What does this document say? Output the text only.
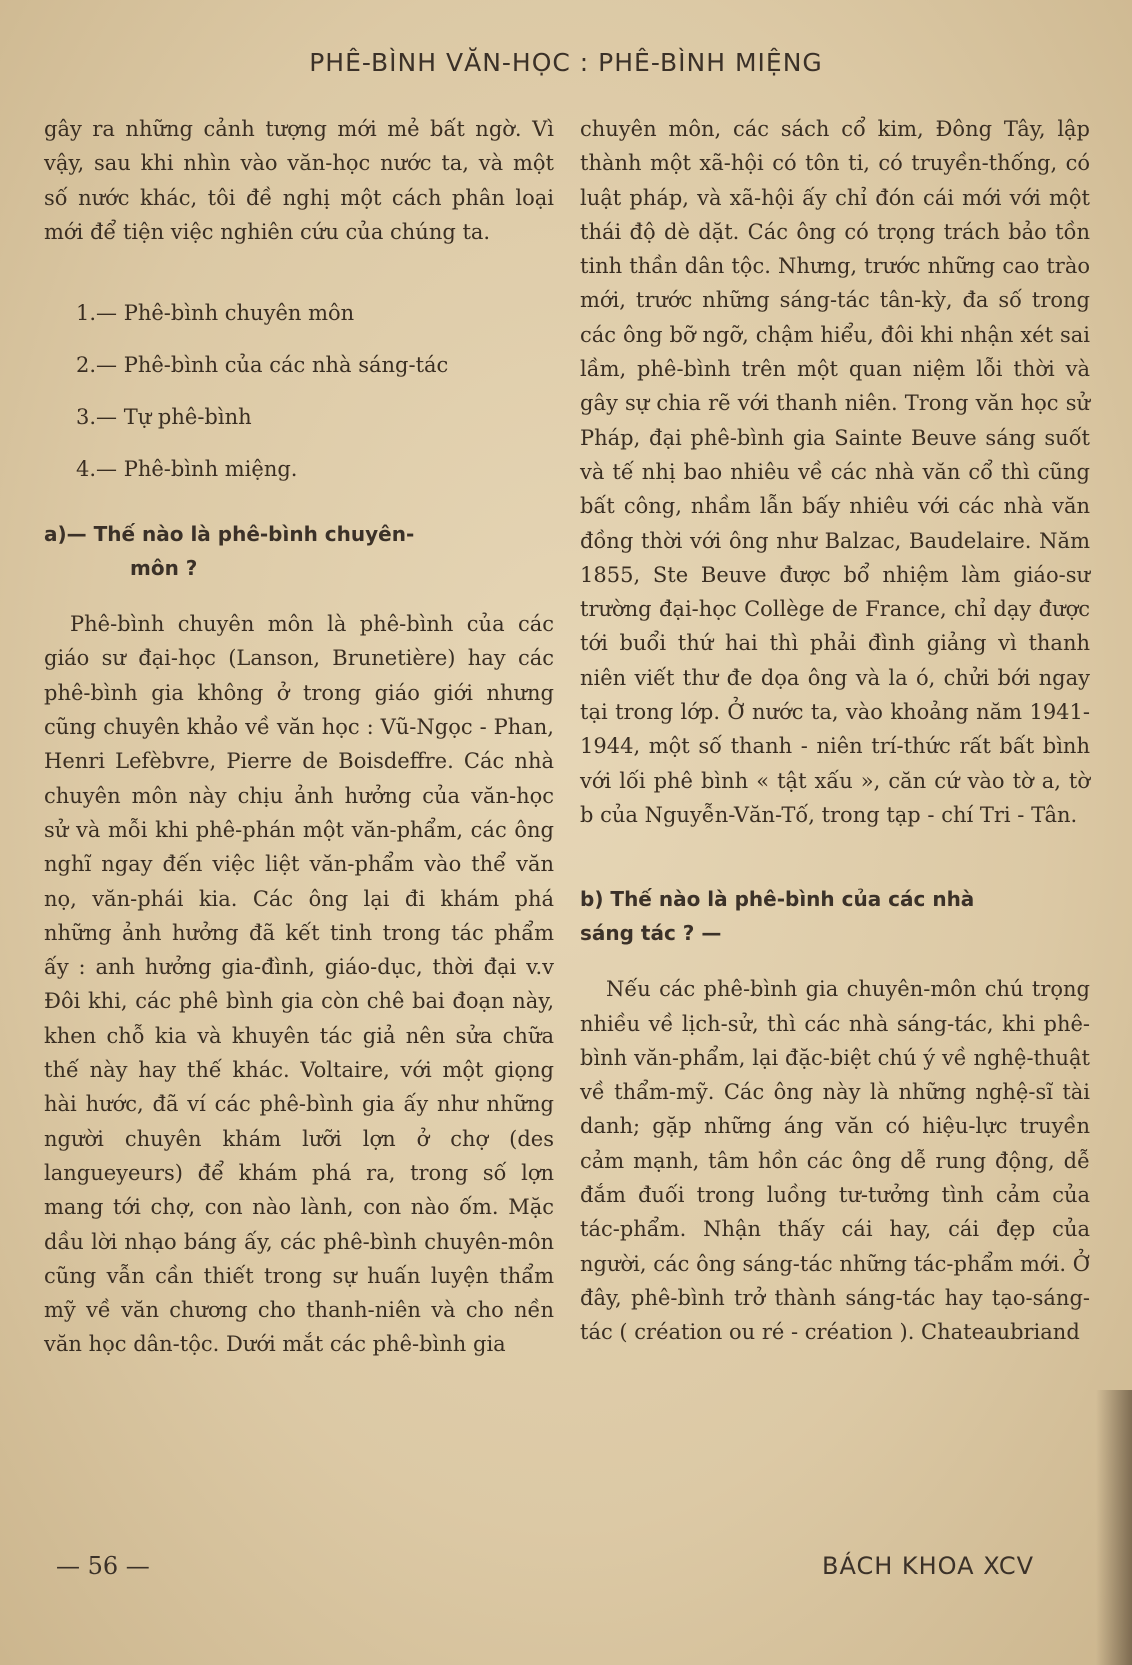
PHÊ-BÌNH VĂN-HỌC : PHÊ-BÌNH MIỆNG

gây ra những cảnh tượng mới mẻ bất ngờ. Vì vậy, sau khi nhìn vào văn-học nước ta, và một số nước khác, tôi đề nghị một cách phân loại mới để tiện việc nghiên cứu của chúng ta.

1.— Phê-bình chuyên môn
2.— Phê-bình của các nhà sáng-tác
3.— Tự phê-bình
4.— Phê-bình miệng.
a)— Thế nào là phê-bình chuyên-
môn ?

Phê-bình chuyên môn là phê-bình của các giáo sư đại-học (Lanson, Brunetière) hay các phê-bình gia không ở trong giáo giới nhưng cũng chuyên khảo về văn học : Vũ-Ngọc - Phan, Henri Lefèbvre, Pierre de Boisdeffre. Các nhà chuyên môn này chịu ảnh hưởng của văn-học sử và mỗi khi phê-phán một văn-phẩm, các ông nghĩ ngay đến việc liệt văn-phẩm vào thể văn nọ, văn-phái kia. Các ông lại đi khám phá những ảnh hưởng đã kết tinh trong tác phẩm ấy : anh hưởng gia-đình, giáo-dục, thời đại v.v Đôi khi, các phê bình gia còn chê bai đoạn này, khen chỗ kia và khuyên tác giả nên sửa chữa thế này hay thế khác. Voltaire, với một giọng hài hước, đã ví các phê-bình gia ấy như những người chuyên khám lưỡi lợn ở chợ (des langueyeurs) để khám phá ra, trong số lợn mang tới chợ, con nào lành, con nào ốm. Mặc dầu lời nhạo báng ấy, các phê-bình chuyên-môn cũng vẫn cần thiết trong sự huấn luyện thẩm mỹ về văn chương cho thanh-niên và cho nền văn học dân-tộc. Dưới mắt các phê-bình gia

chuyên môn, các sách cổ kim, Đông Tây, lập thành một xã-hội có tôn ti, có truyền-thống, có luật pháp, và xã-hội ấy chỉ đón cái mới với một thái độ dè dặt. Các ông có trọng trách bảo tồn tinh thần dân tộc. Nhưng, trước những cao trào mới, trước những sáng-tác tân-kỳ, đa số trong các ông bỡ ngỡ, chậm hiểu, đôi khi nhận xét sai lầm, phê-bình trên một quan niệm lỗi thời và gây sự chia rẽ với thanh niên. Trong văn học sử Pháp, đại phê-bình gia Sainte Beuve sáng suốt và tế nhị bao nhiêu về các nhà văn cổ thì cũng bất công, nhầm lẫn bấy nhiêu với các nhà văn đồng thời với ông như Balzac, Baudelaire. Năm 1855, Ste Beuve được bổ nhiệm làm giáo-sư trường đại-học Collège de France, chỉ dạy được tới buổi thứ hai thì phải đình giảng vì thanh niên viết thư đe dọa ông và la ó, chửi bới ngay tại trong lớp. Ở nước ta, vào khoảng năm 1941-1944, một số thanh - niên trí-thức rất bất bình với lối phê bình « tật xấu », căn cứ vào tờ a, tờ b của Nguyễn-Văn-Tố, trong tạp - chí Tri - Tân.

b) Thế nào là phê-bình của các nhà
sáng tác ? —

Nếu các phê-bình gia chuyên-môn chú trọng nhiều về lịch-sử, thì các nhà sáng-tác, khi phê-bình văn-phẩm, lại đặc-biệt chú ý về nghệ-thuật về thẩm-mỹ. Các ông này là những nghệ-sĩ tài danh; gặp những áng văn có hiệu-lực truyền cảm mạnh, tâm hồn các ông dễ rung động, dễ đắm đuối trong luồng tư-tưởng tình cảm của tác-phẩm. Nhận thấy cái hay, cái đẹp của người, các ông sáng-tác những tác-phẩm mới. Ở đây, phê-bình trở thành sáng-tác hay tạo-sáng-tác ( création ou ré - création ). Chateaubriand

— 56 —	BÁCH KHOA XCV
